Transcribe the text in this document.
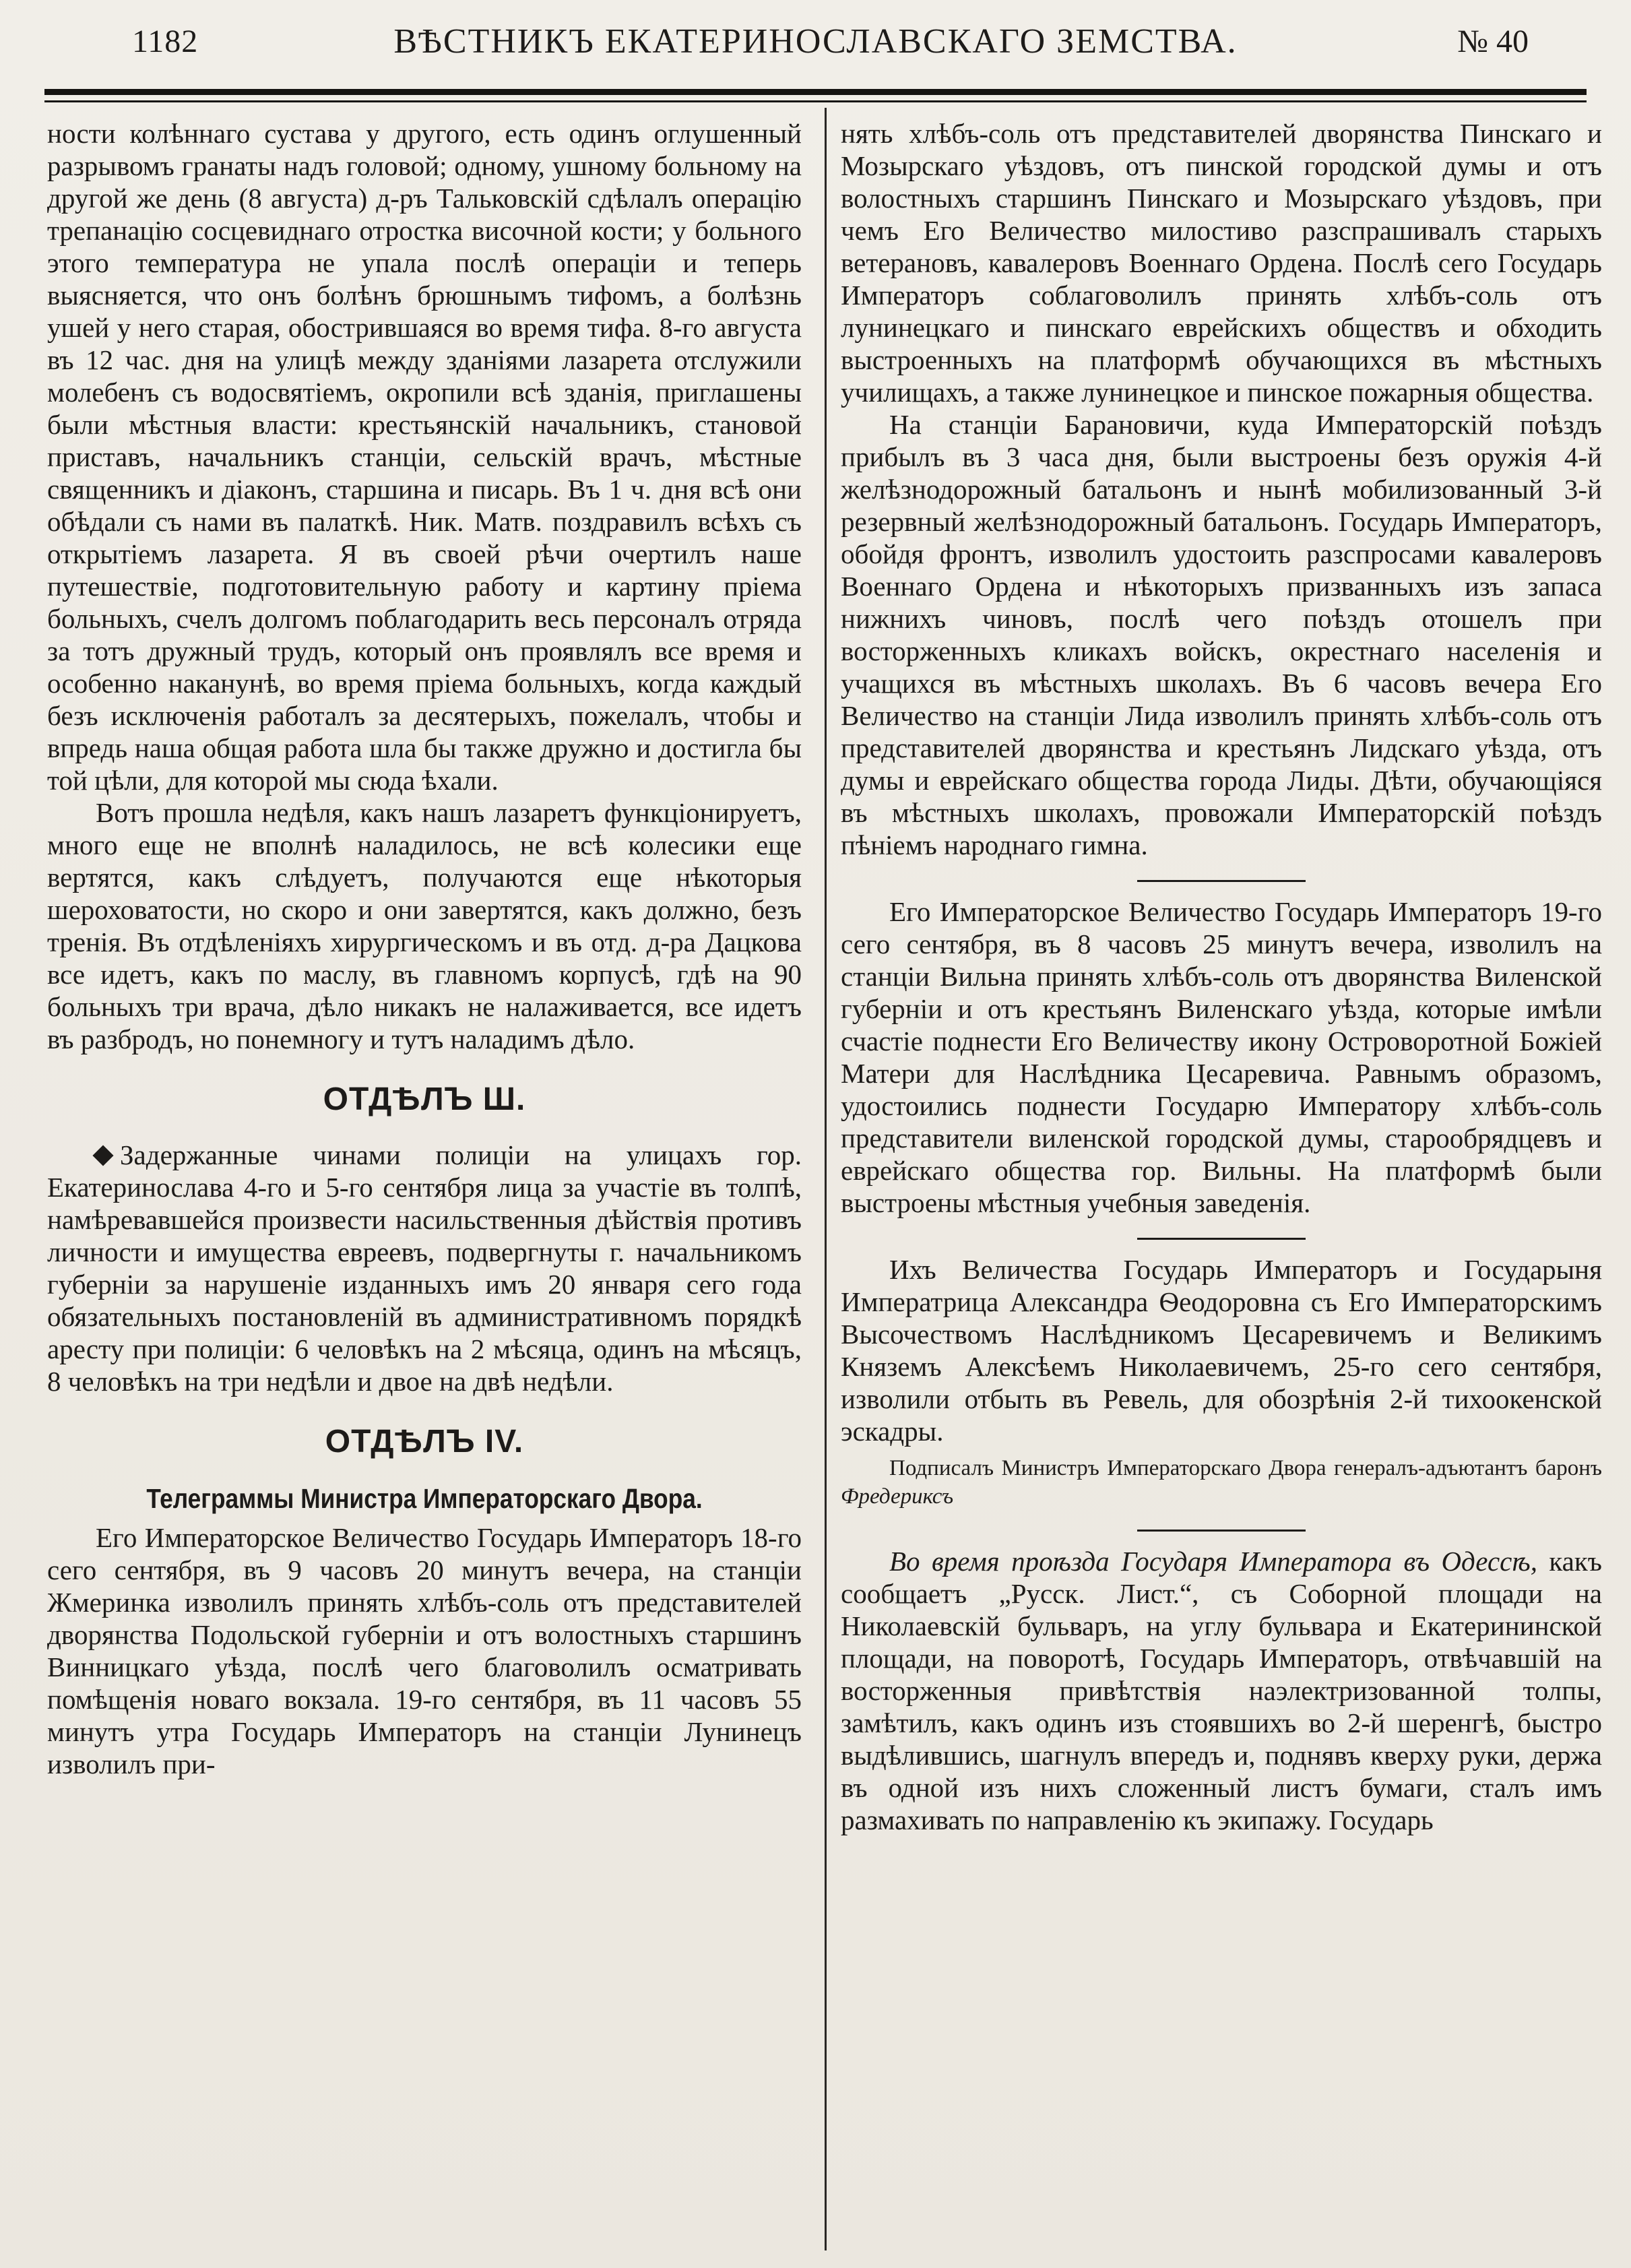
1182	ВѢСТНИКЪ ЕКАТЕРИНОСЛАВСКАГО ЗЕМСТВА.	№ 40

ности колѣннаго сустава у другого, есть одинъ оглушенный разрывомъ гранаты надъ головой; одному, ушному больному на другой же день (8 августа) д-ръ Тальковскій сдѣлалъ операцію трепанацію сосцевиднаго отростка височной кости; у больного этого температура не упала послѣ операціи и теперь выясняется, что онъ болѣнъ брюшнымъ тифомъ, а болѣзнь ушей у него старая, обострившаяся во время тифа. 8-го августа въ 12 час. дня на улицѣ между зданіями лазарета отслужили молебенъ съ водосвятіемъ, окропили всѣ зданія, приглашены были мѣстныя власти: крестьянскій начальникъ, становой приставъ, начальникъ станціи, сельскій врачъ, мѣстные священникъ и діаконъ, старшина и писарь. Въ 1 ч. дня всѣ они обѣдали съ нами въ палаткѣ. Ник. Матв. поздравилъ всѣхъ съ открытіемъ лазарета. Я въ своей рѣчи очертилъ наше путешествіе, подготовительную работу и картину пріема больныхъ, счелъ долгомъ поблагодарить весь персоналъ отряда за тотъ дружный трудъ, который онъ проявлялъ все время и особенно наканунѣ, во время пріема больныхъ, когда каждый безъ исключенія работалъ за десятерыхъ, пожелалъ, чтобы и впредь наша общая работа шла бы также дружно и достигла бы той цѣли, для которой мы сюда ѣхали.

Вотъ прошла недѣля, какъ нашъ лазаретъ функціонируетъ, много еще не вполнѣ наладилось, не всѣ колесики еще вертятся, какъ слѣдуетъ, получаются еще нѣкоторыя шероховатости, но скоро и они завертятся, какъ должно, безъ тренія. Въ отдѣленіяхъ хирургическомъ и въ отд. д-ра Дацкова все идетъ, какъ по маслу, въ главномъ корпусѣ, гдѣ на 90 больныхъ три врача, дѣло никакъ не налаживается, все идетъ въ разбродъ, но понемногу и тутъ наладимъ дѣло.

ОТДѢЛЪ Ш.

Задержанные чинами полиціи на улицахъ гор. Екатеринослава 4-го и 5-го сентября лица за участіе въ толпѣ, намѣревавшейся произвести насильственныя дѣйствія противъ личности и имущества евреевъ, подвергнуты г. начальникомъ губерніи за нарушеніе изданныхъ имъ 20 января сего года обязательныхъ постановленій въ административномъ порядкѣ аресту при полиціи: 6 человѣкъ на 2 мѣсяца, одинъ на мѣсяцъ, 8 человѣкъ на три недѣли и двое на двѣ недѣли.

ОТДѢЛЪ IV.
Телеграммы Министра Императорскаго Двора.

Его Императорское Величество Государь Императоръ 18-го сего сентября, въ 9 часовъ 20 минутъ вечера, на станціи Жмеринка изволилъ принять хлѣбъ-соль отъ представителей дворянства Подольской губерніи и отъ волостныхъ старшинъ Винницкаго уѣзда, послѣ чего благоволилъ осматривать помѣщенія новаго вокзала. 19-го сентября, въ 11 часовъ 55 минутъ утра Государь Императоръ на станціи Лунинецъ изволилъ при-

нять хлѣбъ-соль отъ представителей дворянства Пинскаго и Мозырскаго уѣздовъ, отъ пинской городской думы и отъ волостныхъ старшинъ Пинскаго и Мозырскаго уѣздовъ, при чемъ Его Величество милостиво разспрашивалъ старыхъ ветерановъ, кавалеровъ Военнаго Ордена. Послѣ сего Государь Императоръ соблаговолилъ принять хлѣбъ-соль отъ лунинецкаго и пинскаго еврейскихъ обществъ и обходить выстроенныхъ на платформѣ обучающихся въ мѣстныхъ училищахъ, а также лунинецкое и пинское пожарныя общества.

На станціи Барановичи, куда Императорскій поѣздъ прибылъ въ 3 часа дня, были выстроены безъ оружія 4-й желѣзнодорожный батальонъ и нынѣ мобилизованный 3-й резервный желѣзнодорожный батальонъ. Государь Императоръ, обойдя фронтъ, изволилъ удостоить разспросами кавалеровъ Военнаго Ордена и нѣкоторыхъ призванныхъ изъ запаса нижнихъ чиновъ, послѣ чего поѣздъ отошелъ при восторженныхъ кликахъ войскъ, окрестнаго населенія и учащихся въ мѣстныхъ школахъ. Въ 6 часовъ вечера Его Величество на станціи Лида изволилъ принять хлѣбъ-соль отъ представителей дворянства и крестьянъ Лидскаго уѣзда, отъ думы и еврейскаго общества города Лиды. Дѣти, обучающіяся въ мѣстныхъ школахъ, провожали Императорскій поѣздъ пѣніемъ народнаго гимна.

Его Императорское Величество Государь Императоръ 19-го сего сентября, въ 8 часовъ 25 минутъ вечера, изволилъ на станціи Вильна принять хлѣбъ-соль отъ дворянства Виленской губерніи и отъ крестьянъ Виленскаго уѣзда, которые имѣли счастіе поднести Его Величеству икону Островоротной Божіей Матери для Наслѣдника Цесаревича. Равнымъ образомъ, удостоились поднести Государю Императору хлѣбъ-соль представители виленской городской думы, старообрядцевъ и еврейскаго общества гор. Вильны. На платформѣ были выстроены мѣстныя учебныя заведенія.

Ихъ Величества Государь Императоръ и Государыня Императрица Александра Ѳеодоровна съ Его Императорскимъ Высочествомъ Наслѣдникомъ Цесаревичемъ и Великимъ Княземъ Алексѣемъ Николаевичемъ, 25-го сего сентября, изволили отбыть въ Ревель, для обозрѣнія 2-й тихоокенской эскадры.

Подписалъ Министръ Императорскаго Двора генералъ-адъютантъ баронъ Фредериксъ

Во время проѣзда Государя Императора въ Одессѣ, какъ сообщаетъ „Русск. Лист.“, съ Соборной площади на Николаевскій бульваръ, на углу бульвара и Екатерининской площади, на поворотѣ, Государь Императоръ, отвѣчавшій на восторженныя привѣтствія наэлектризованной толпы, замѣтилъ, какъ одинъ изъ стоявшихъ во 2-й шеренгѣ, быстро выдѣлившись, шагнулъ впередъ и, поднявъ кверху руки, держа въ одной изъ нихъ сложенный листъ бумаги, сталъ имъ размахивать по направленію къ экипажу. Государь
